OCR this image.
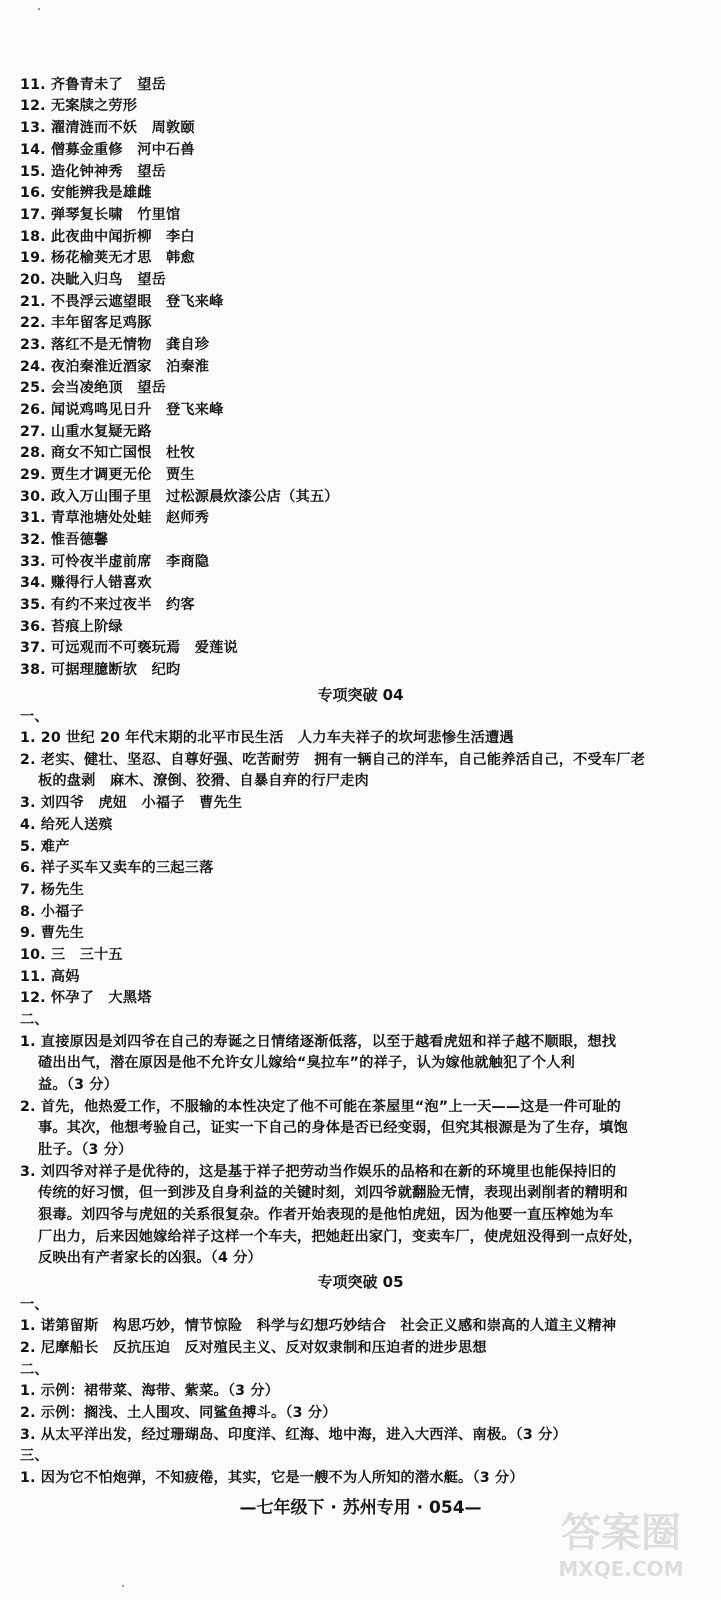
11. 齐鲁青未了　望岳
12. 无案牍之劳形
13. 濯清涟而不妖　周敦颐
14. 僧募金重修　河中石兽
15. 造化钟神秀　望岳
16. 安能辨我是雄雌
17. 弹琴复长啸　竹里馆
18. 此夜曲中闻折柳　李白
19. 杨花榆荚无才思　韩愈
20. 决眦入归鸟　望岳
21. 不畏浮云遮望眼　登飞来峰
22. 丰年留客足鸡豚
23. 落红不是无情物　龚自珍
24. 夜泊秦淮近酒家　泊秦淮
25. 会当凌绝顶　望岳
26. 闻说鸡鸣见日升　登飞来峰
27. 山重水复疑无路
28. 商女不知亡国恨　杜牧
29. 贾生才调更无伦　贾生
30. 政入万山围子里　过松源晨炊漆公店（其五）
31. 青草池塘处处蛙　赵师秀
32. 惟吾德馨
33. 可怜夜半虚前席　李商隐
34. 赚得行人错喜欢
35. 有约不来过夜半　约客
36. 苔痕上阶绿
37. 可远观而不可亵玩焉　爱莲说
38. 可据理臆断欤　纪昀
专项突破 04
一、
1. 20 世纪 20 年代末期的北平市民生活　人力车夫祥子的坎坷悲惨生活遭遇
2. 老实、健壮、坚忍、自尊好强、吃苦耐劳　拥有一辆自己的洋车，自己能养活自己，不受车厂老
板的盘剥　麻木、潦倒、狡猾、自暴自弃的行尸走肉
3. 刘四爷　虎妞　小福子　曹先生
4. 给死人送殡
5. 难产
6. 祥子买车又卖车的三起三落
7. 杨先生
8. 小福子
9. 曹先生
10. 三　三十五
11. 高妈
12. 怀孕了　大黑塔
二、
1. 直接原因是刘四爷在自己的寿诞之日情绪逐渐低落，以至于越看虎妞和祥子越不顺眼，想找
碴出出气，潜在原因是他不允许女儿嫁给“臭拉车”的祥子，认为嫁他就触犯了个人利
益。（3 分）
2. 首先，他热爱工作，不服输的本性决定了他不可能在茶屋里“泡”上一天——这是一件可耻的
事。其次，他想考验自己，证实一下自己的身体是否已经变弱，但究其根源是为了生存，填饱
肚子。（3 分）
3. 刘四爷对祥子是优待的，这是基于祥子把劳动当作娱乐的品格和在新的环境里也能保持旧的
传统的好习惯，但一到涉及自身利益的关键时刻，刘四爷就翻脸无情，表现出剥削者的精明和
狠毒。刘四爷与虎妞的关系很复杂。作者开始表现的是他怕虎妞，因为他要一直压榨她为车
厂出力，后来因她嫁给祥子这样一个车夫，把她赶出家门，变卖车厂，使虎妞没得到一点好处，
反映出有产者家长的凶狠。（4 分）
专项突破 05
一、
1. 诺第留斯　构思巧妙，情节惊险　科学与幻想巧妙结合　社会正义感和崇高的人道主义精神
2. 尼摩船长　反抗压迫　反对殖民主义、反对奴隶制和压迫者的进步思想
二、
1. 示例：裙带菜、海带、紫菜。（3 分）
2. 示例：搁浅、土人围攻、同鲨鱼搏斗。（3 分）
3. 从太平洋出发，经过珊瑚岛、印度洋、红海、地中海，进入大西洋、南极。（3 分）
三、
1. 因为它不怕炮弹，不知疲倦，其实，它是一艘不为人所知的潜水艇。（3 分）
—七年级下 · 苏州专用 · 054—
答案圈
MXQE.COM
